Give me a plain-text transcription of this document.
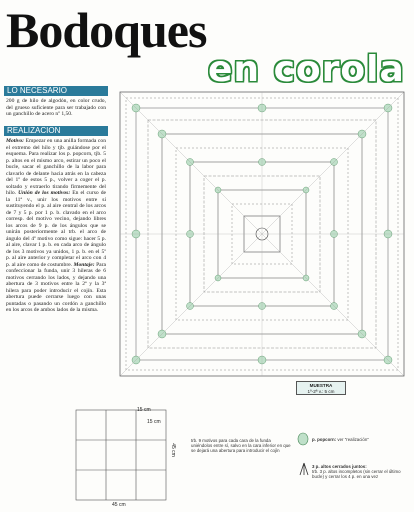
Bodoques
en corola
LO NECESARIO
200 g de hilo de algodón, en color crudo, del grueso suficiente para ser trabajado con un ganchillo de acero nº 1,50.
REALIZACION
Motivo: Empezar en una anilla formada con el extremo del hilo y tjb. guiándose por el esquema. Para realizar los p. popcorn, tjb. 5 p. altos en el mismo arco, estirar un poco el bucle, sacar el ganchillo de la labor para clavarlo de delante hacia atrás en la cabeza del 1º de estos 5 p., volver a coger el p. soltado y extraerlo tirando firmemente del hilo. Unión de los motivos: En el curso de la 11ª v., unir los motivos entre sí sustituyendo el p. al aire central de los arcos de 7 y 5 p. por 1 p. b. clavado en el arco corresp. del motivo vecino, dejando libres los arcos de 9 p. de los ángulos que se unirán posteriormente al trb. el arco de ángulo del 4º motivo como sigue: hacer 5 p. al aire, clavar 1 p. b. en cada arco de ángulo de los 3 motivos ya unidos, 1 p. b. en el 5º p. al aire anterior y completar el arco con 4 p. al aire como de costumbre. Montaje: Para confeccionar la funda, unir 3 hileras de 6 motivos cerrando los lados, y dejando una abertura de 3 motivos entre la 2ª y la 3ª hilera para poder introducir el cojín. Esta abertura puede cerrarse luego con unas puntadas o pasando un cordón a ganchillo en los arcos de ambos lados de la misma.
MUESTRA
1º-2ª v.: 5 cm
15 cm
15 cm
45 cm
45 cm
trb. 9 motivos para cada cara de la funda uniéndolos entre sí, salvo en la cara inferior en que se dejará una abertura para introducir el cojín
p. popcorn: ver "realización"
3 p. altos cerrados juntos:
trb. 3 p. altos incompletos (sin cerrar el último bucle) y cerrar los 4 p. en una vez
